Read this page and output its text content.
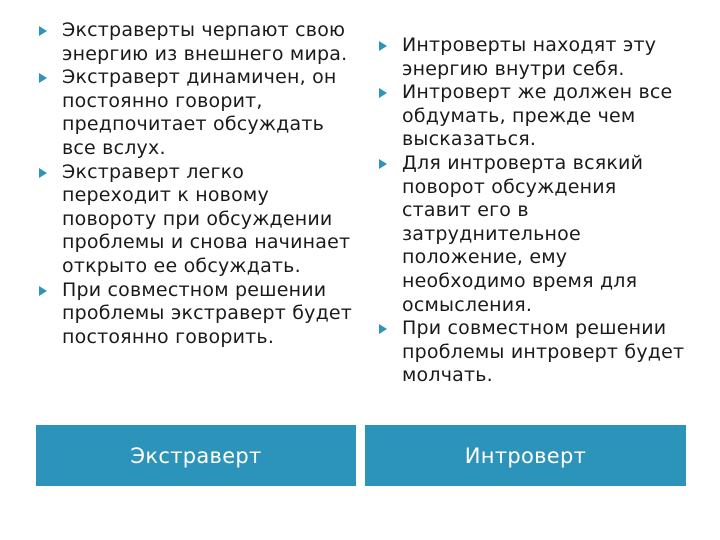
Экстраверты черпают свою энергию из внешнего мира.
Экстраверт динамичен, он постоянно говорит, предпочитает обсуждать все вслух.
Экстраверт легко переходит к новому повороту при обсуждении проблемы и снова начинает открыто ее обсуждать.
При совместном решении проблемы экстраверт будет постоянно говорить.
Интроверты находят эту энергию внутри себя.
Интроверт же должен все обдумать, прежде чем высказаться.
Для интроверта всякий поворот обсуждения ставит его в затруднительное положение, ему необходимо время для осмысления.
При совместном решении проблемы интроверт будет молчать.
Экстраверт	Интроверт
